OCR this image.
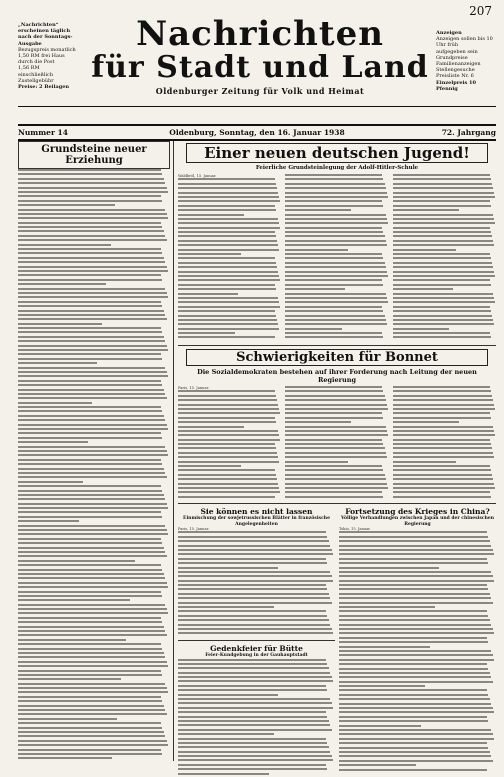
207
„Nachrichten“ erscheinen täglich nach der Sonntags-Ausgabe
Bezugspreis monatlich
1,50 RM frei Haus
durch die Post
1,56 RM einschließlich
Zustellgebühr
Preise: 2 Beilagen
Nachrichten
für Stadt und Land
Oldenburger Zeitung für Volk und Heimat
Anzeigen
Anzeigen sollen bis 10 Uhr früh
aufgegeben sein
Grundpreise
Familienanzeigen
Stellengesuche
Preisliste Nr. 6
Einzelpreis 10 Pfennig
Nummer 14	Oldenburg, Sonntag, den 16. Januar 1938	72. Jahrgang
Grundsteine neuer Erziehung	Einer neuen deutschen Jugend!
Feierliche Grundsteinlegung der Adolf-Hitler-Schule
Waldbröl, 15. Januar.
Schwierigkeiten für Bonnet
Die Sozialdemokraten bestehen auf ihrer Forderung nach Leitung der neuen Regierung
Paris, 15. Januar.
Sie können es nicht lassen
Einmischung der sowjetrussischen Blätter in französische Angelegenheiten
Paris, 15. Januar.
Gedenkfeier für Bütte
Feier-Kundgebung in der Gauhauptstadt
Fortsetzung des Krieges in China?
Völlige Verhandlungen zwischen Japan und der chinesischen Regierung
Tokio, 15. Januar.
